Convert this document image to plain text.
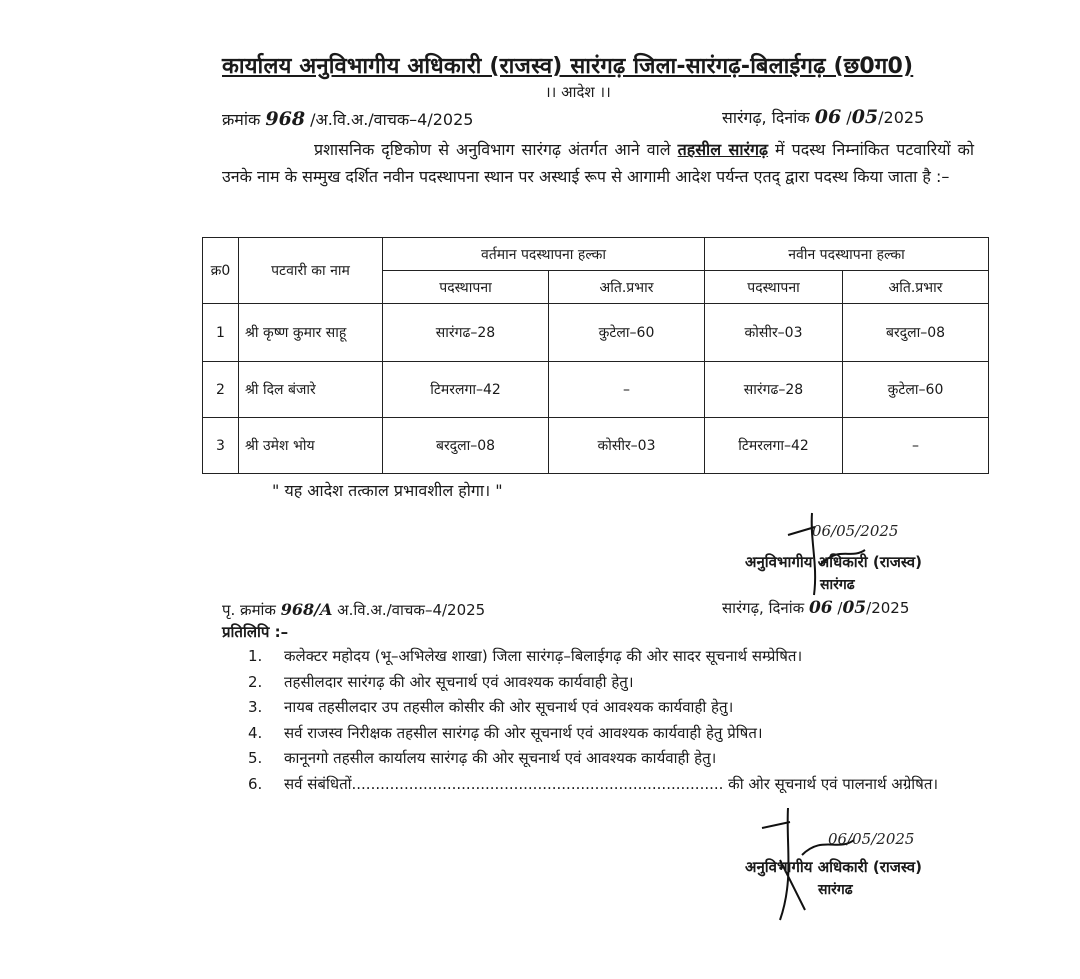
कार्यालय अनुविभागीय अधिकारी (राजस्व) सारंगढ़ जिला-सारंगढ़-बिलाईगढ़ (छ0ग0)
।। आदेश ।।
क्रमांक 968 /अ.वि.अ./वाचक–4/2025	सारंगढ़, दिनांक 06 /05/2025
प्रशासनिक दृष्टिकोण से अनुविभाग सारंगढ़ अंतर्गत आने वाले तहसील सारंगढ़ में पदस्थ निम्नांकित पटवारियों को उनके नाम के सम्मुख दर्शित नवीन पदस्थापना स्थान पर अस्थाई रूप से आगामी आदेश पर्यन्त एतद् द्वारा पदस्थ किया जाता है :–
क्र0	पटवारी का नाम	वर्तमान पदस्थापना हल्का		नवीन पदस्थापना हल्का	
		पदस्थापना	अति.प्रभार	पदस्थापना	अति.प्रभार
1	श्री कृष्ण कुमार साहू	सारंगढ–28	कुटेला–60	कोसीर–03	बरदुला–08
2	श्री दिल बंजारे	टिमरलगा–42	–	सारंगढ–28	कुटेला–60
3	श्री उमेश भोय	बरदुला–08	कोसीर–03	टिमरलगा–42	–
" यह आदेश तत्काल प्रभावशील होगा। "
06/05/2025
अनुविभागीय अधिकारी (राजस्व)
सारंगढ
पृ. क्रमांक 968/A अ.वि.अ./वाचक–4/2025	सारंगढ़, दिनांक 06 /05/2025
प्रतिलिपि :–
1. कलेक्टर महोदय (भू–अभिलेख शाखा) जिला सारंगढ़–बिलाईगढ़ की ओर सादर सूचनार्थ सम्प्रेषित।
2. तहसीलदार सारंगढ़ की ओर सूचनार्थ एवं आवश्यक कार्यवाही हेतु।
3. नायब तहसीलदार उप तहसील कोसीर की ओर सूचनार्थ एवं आवश्यक कार्यवाही हेतु।
4. सर्व राजस्व निरीक्षक तहसील सारंगढ़ की ओर सूचनार्थ एवं आवश्यक कार्यवाही हेतु प्रेषित।
5. कानूनगो तहसील कार्यालय सारंगढ़ की ओर सूचनार्थ एवं आवश्यक कार्यवाही हेतु।
6. सर्व संबंधितों.............................................................................. की ओर सूचनार्थ एवं पालनार्थ अग्रेषित।
06/05/2025
अनुविभागीय अधिकारी (राजस्व)
सारंगढ
